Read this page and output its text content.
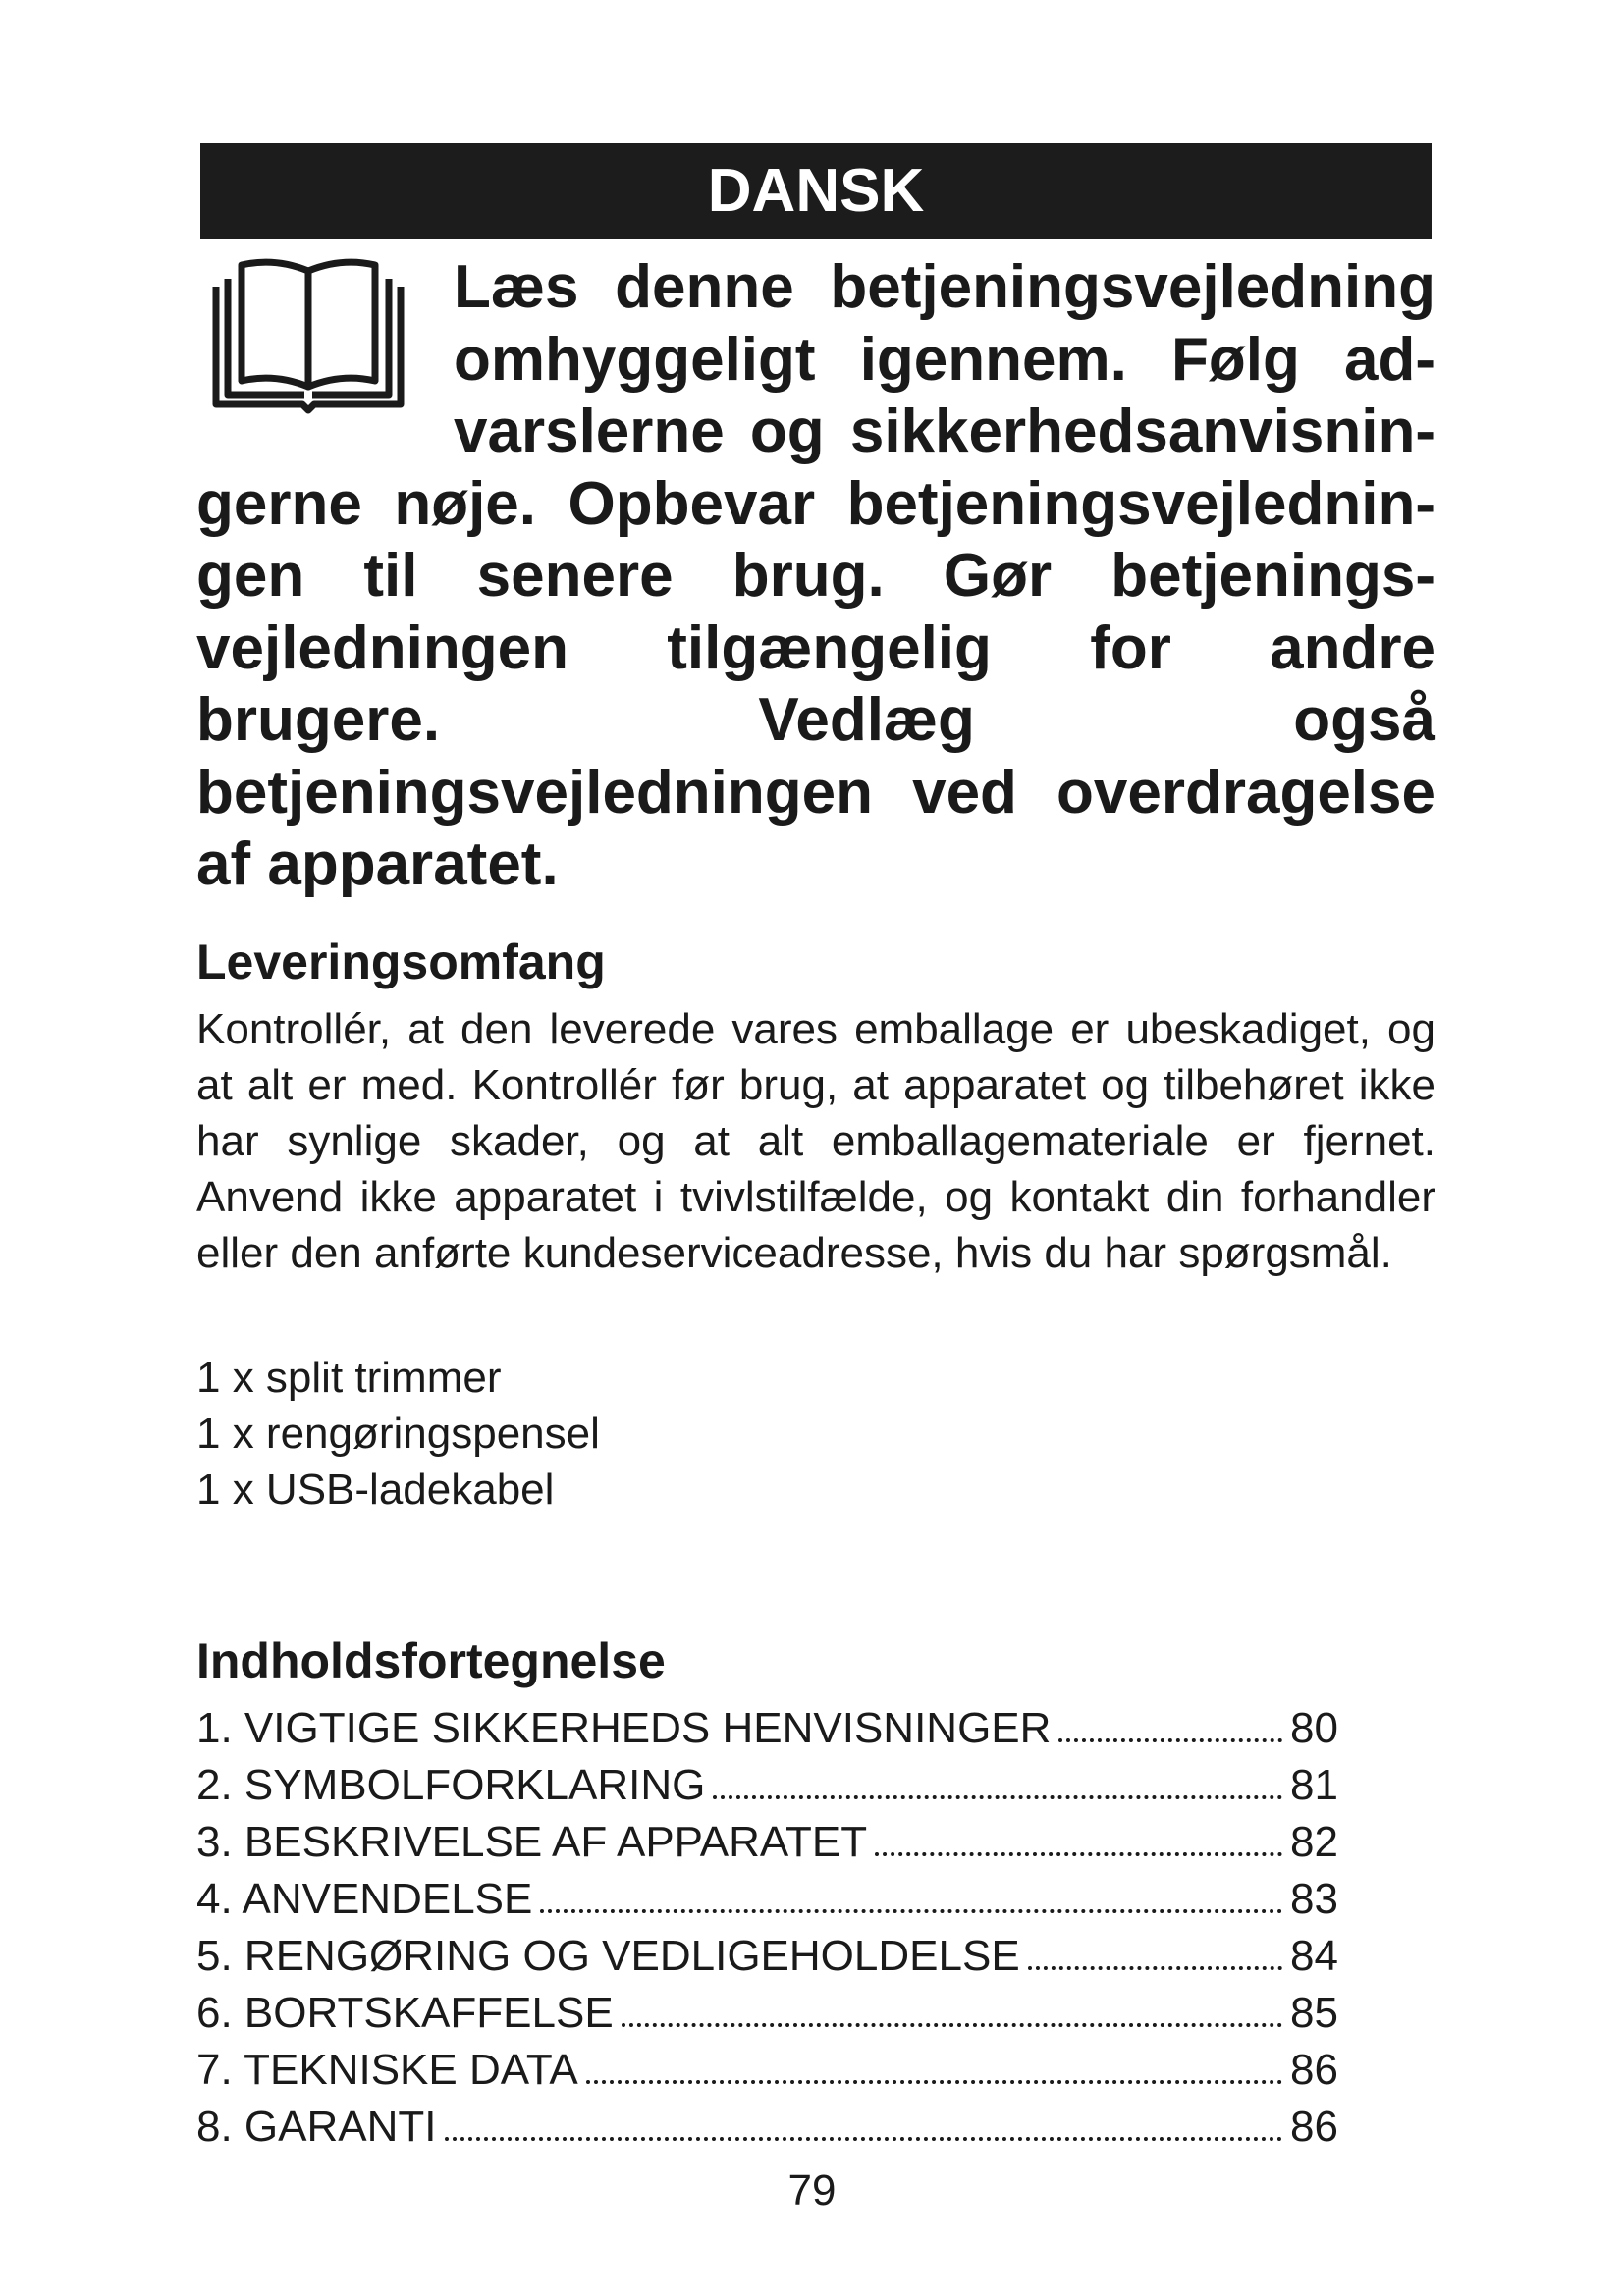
DANSK

Læs denne betjeningsvejledning omhyggeligt igennem. Følg advarslerne og sikkerhedsanvisningerne nøje. Opbevar betjeningsvejledningen til senere brug. Gør betjeningsvejledningen tilgængelig for andre brugere. Vedlæg også betjeningsvejledningen ved overdragelse af apparatet.

Leveringsomfang

Kontrollér, at den leverede vares emballage er ubeskadiget, og at alt er med. Kontrollér før brug, at apparatet og tilbehøret ikke har synlige skader, og at alt emballagemateriale er fjernet. Anvend ikke apparatet i tvivlstilfælde, og kontakt din forhandler eller den anførte kundeserviceadresse, hvis du har spørgsmål.

1 x split trimmer
1 x rengøringspensel
1 x USB-ladekabel
Indholdsfortegnelse
1. VIGTIGE SIKKERHEDS HENVISNINGER	80
2. SYMBOLFORKLARING	81
3. BESKRIVELSE AF APPARATET	82
4. ANVENDELSE	83
5. RENGØRING OG VEDLIGEHOLDELSE	84
6. BORTSKAFFELSE	85
7. TEKNISKE DATA	86
8. GARANTI	86
79
